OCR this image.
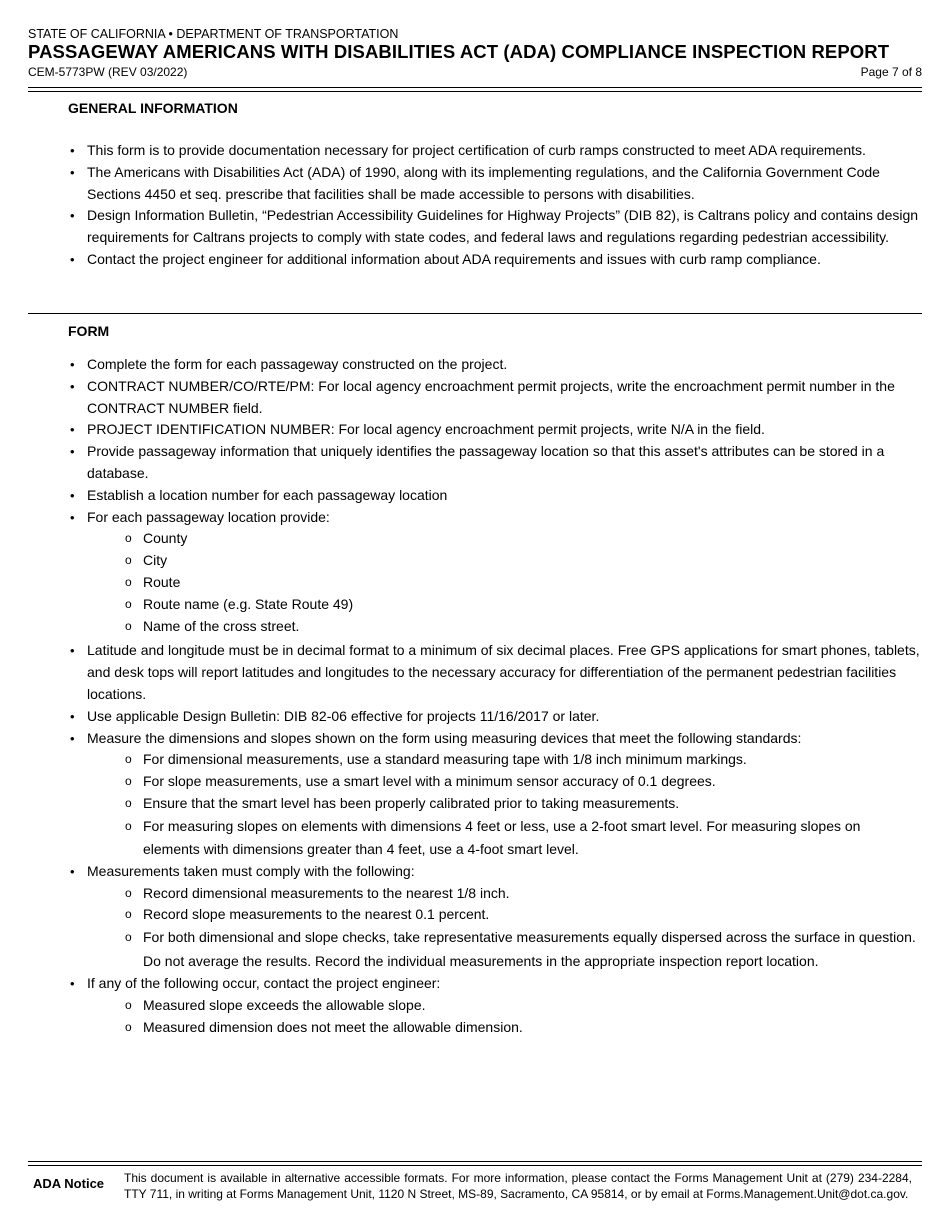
STATE OF CALIFORNIA • DEPARTMENT OF TRANSPORTATION
PASSAGEWAY AMERICANS WITH DISABILITIES ACT (ADA) COMPLIANCE INSPECTION REPORT
CEM-5773PW (REV 03/2022)	Page 7 of 8
GENERAL INFORMATION
• This form is to provide documentation necessary for project certification of curb ramps constructed to meet ADA requirements.
• The Americans with Disabilities Act (ADA) of 1990, along with its implementing regulations, and the California Government Code Sections 4450 et seq. prescribe that facilities shall be made accessible to persons with disabilities.
• Design Information Bulletin, “Pedestrian Accessibility Guidelines for Highway Projects” (DIB 82), is Caltrans policy and contains design requirements for Caltrans projects to comply with state codes, and federal laws and regulations regarding pedestrian accessibility.
• Contact the project engineer for additional information about ADA requirements and issues with curb ramp compliance.
FORM
• Complete the form for each passageway constructed on the project.
• CONTRACT NUMBER/CO/RTE/PM: For local agency encroachment permit projects, write the encroachment permit number in the CONTRACT NUMBER field.
• PROJECT IDENTIFICATION NUMBER: For local agency encroachment permit projects, write N/A in the field.
• Provide passageway information that uniquely identifies the passageway location so that this asset's attributes can be stored in a database.
• Establish a location number for each passageway location
• For each passageway location provide:
o County
o City
o Route
o Route name (e.g. State Route 49)
o Name of the cross street.
• Latitude and longitude must be in decimal format to a minimum of six decimal places. Free GPS applications for smart phones, tablets, and desk tops will report latitudes and longitudes to the necessary accuracy for differentiation of the permanent pedestrian facilities locations.
• Use applicable Design Bulletin: DIB 82-06 effective for projects 11/16/2017 or later.
• Measure the dimensions and slopes shown on the form using measuring devices that meet the following standards:
o For dimensional measurements, use a standard measuring tape with 1/8 inch minimum markings.
o For slope measurements, use a smart level with a minimum sensor accuracy of 0.1 degrees.
o Ensure that the smart level has been properly calibrated prior to taking measurements.
o For measuring slopes on elements with dimensions 4 feet or less, use a 2-foot smart level. For measuring slopes on elements with dimensions greater than 4 feet, use a 4-foot smart level.
• Measurements taken must comply with the following:
o Record dimensional measurements to the nearest 1/8 inch.
o Record slope measurements to the nearest 0.1 percent.
o For both dimensional and slope checks, take representative measurements equally dispersed across the surface in question. Do not average the results. Record the individual measurements in the appropriate inspection report location.
• If any of the following occur, contact the project engineer:
o Measured slope exceeds the allowable slope.
o Measured dimension does not meet the allowable dimension.
ADA Notice This document is available in alternative accessible formats. For more information, please contact the Forms Management Unit at (279) 234-2284, TTY 711, in writing at Forms Management Unit, 1120 N Street, MS-89, Sacramento, CA 95814, or by email at Forms.Management.Unit@dot.ca.gov.
